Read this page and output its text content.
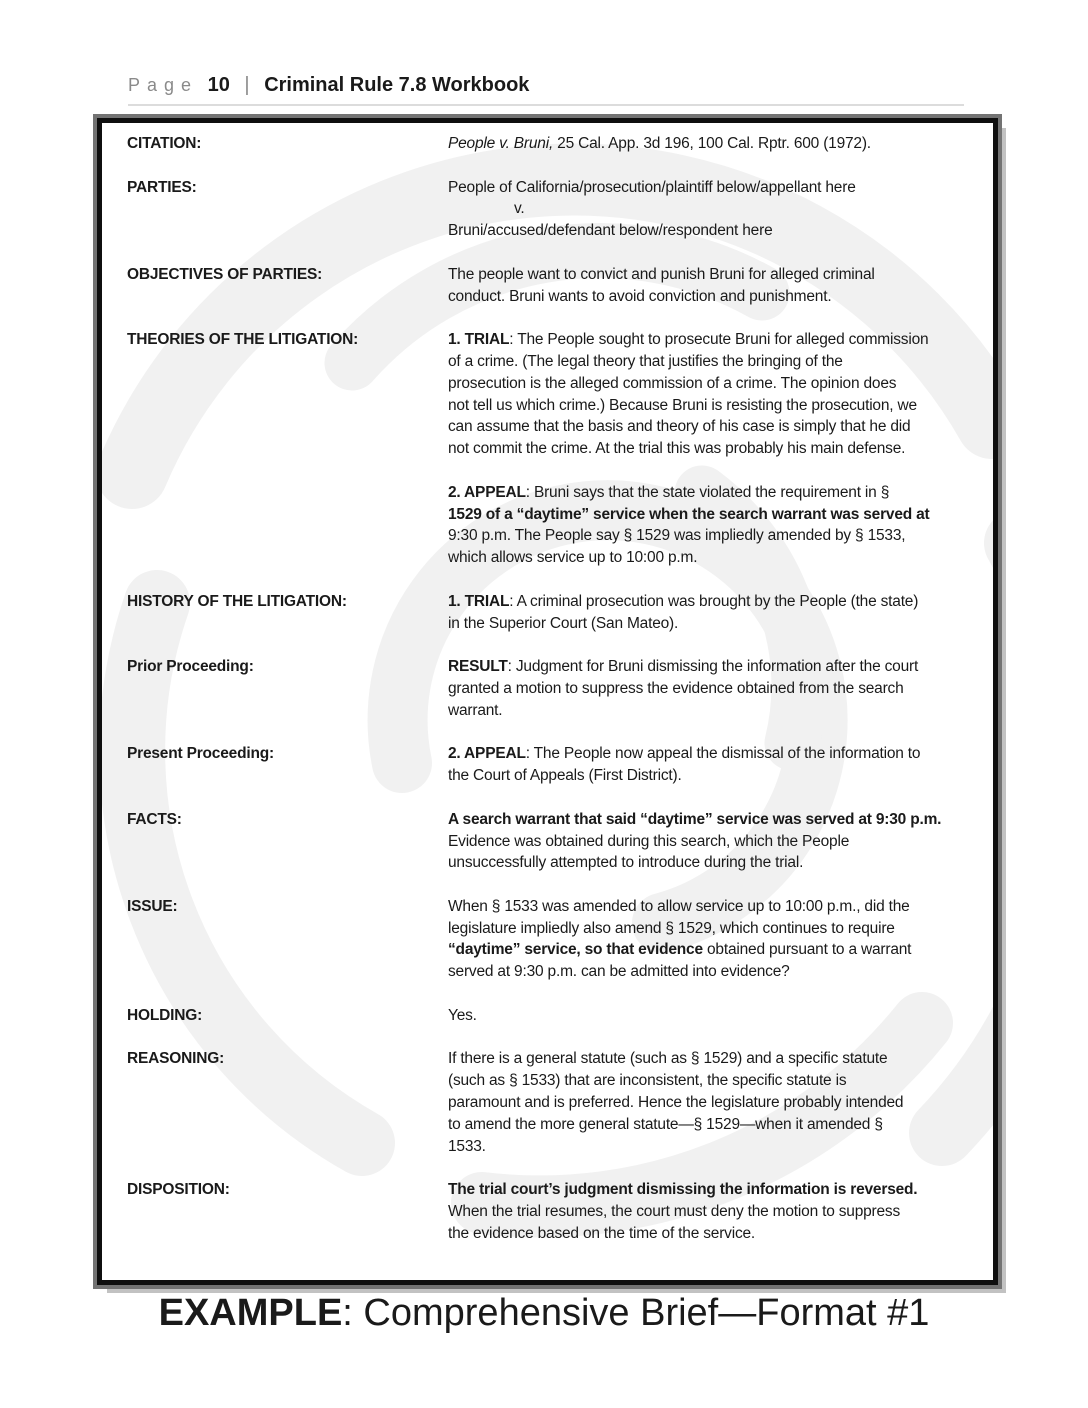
Page 10 | Criminal Rule 7.8 Workbook
CITATION:	People v. Bruni, 25 Cal. App. 3d 196, 100 Cal. Rptr. 600 (1972).
PARTIES:	People of California/prosecution/plaintiff below/appellant here
v.
Bruni/accused/defendant below/respondent here
OBJECTIVES OF PARTIES:	The people want to convict and punish Bruni for alleged criminal
conduct. Bruni wants to avoid conviction and punishment.
THEORIES OF THE LITIGATION:	1. TRIAL: The People sought to prosecute Bruni for alleged commission
of a crime. (The legal theory that justifies the bringing of the
prosecution is the alleged commission of a crime. The opinion does
not tell us which crime.) Because Bruni is resisting the prosecution, we
can assume that the basis and theory of his case is simply that he did
not commit the crime. At the trial this was probably his main defense.
2. APPEAL: Bruni says that the state violated the requirement in §
1529 of a “daytime” service when the search warrant was served at
9:30 p.m. The People say § 1529 was impliedly amended by § 1533,
which allows service up to 10:00 p.m.
HISTORY OF THE LITIGATION:	1. TRIAL: A criminal prosecution was brought by the People (the state)
in the Superior Court (San Mateo).
Prior Proceeding:	RESULT: Judgment for Bruni dismissing the information after the court
granted a motion to suppress the evidence obtained from the search
warrant.
Present Proceeding:	2. APPEAL: The People now appeal the dismissal of the information to
the Court of Appeals (First District).
FACTS:	A search warrant that said “daytime” service was served at 9:30 p.m.
Evidence was obtained during this search, which the People
unsuccessfully attempted to introduce during the trial.
ISSUE:	When § 1533 was amended to allow service up to 10:00 p.m., did the
legislature impliedly also amend § 1529, which continues to require
“daytime” service, so that evidence obtained pursuant to a warrant
served at 9:30 p.m. can be admitted into evidence?
HOLDING:	Yes.
REASONING:	If there is a general statute (such as § 1529) and a specific statute
(such as § 1533) that are inconsistent, the specific statute is
paramount and is preferred. Hence the legislature probably intended
to amend the more general statute—§ 1529—when it amended §
1533.
DISPOSITION:	The trial court’s judgment dismissing the information is reversed.
When the trial resumes, the court must deny the motion to suppress
the evidence based on the time of the service.
EXAMPLE: Comprehensive Brief—Format #1
